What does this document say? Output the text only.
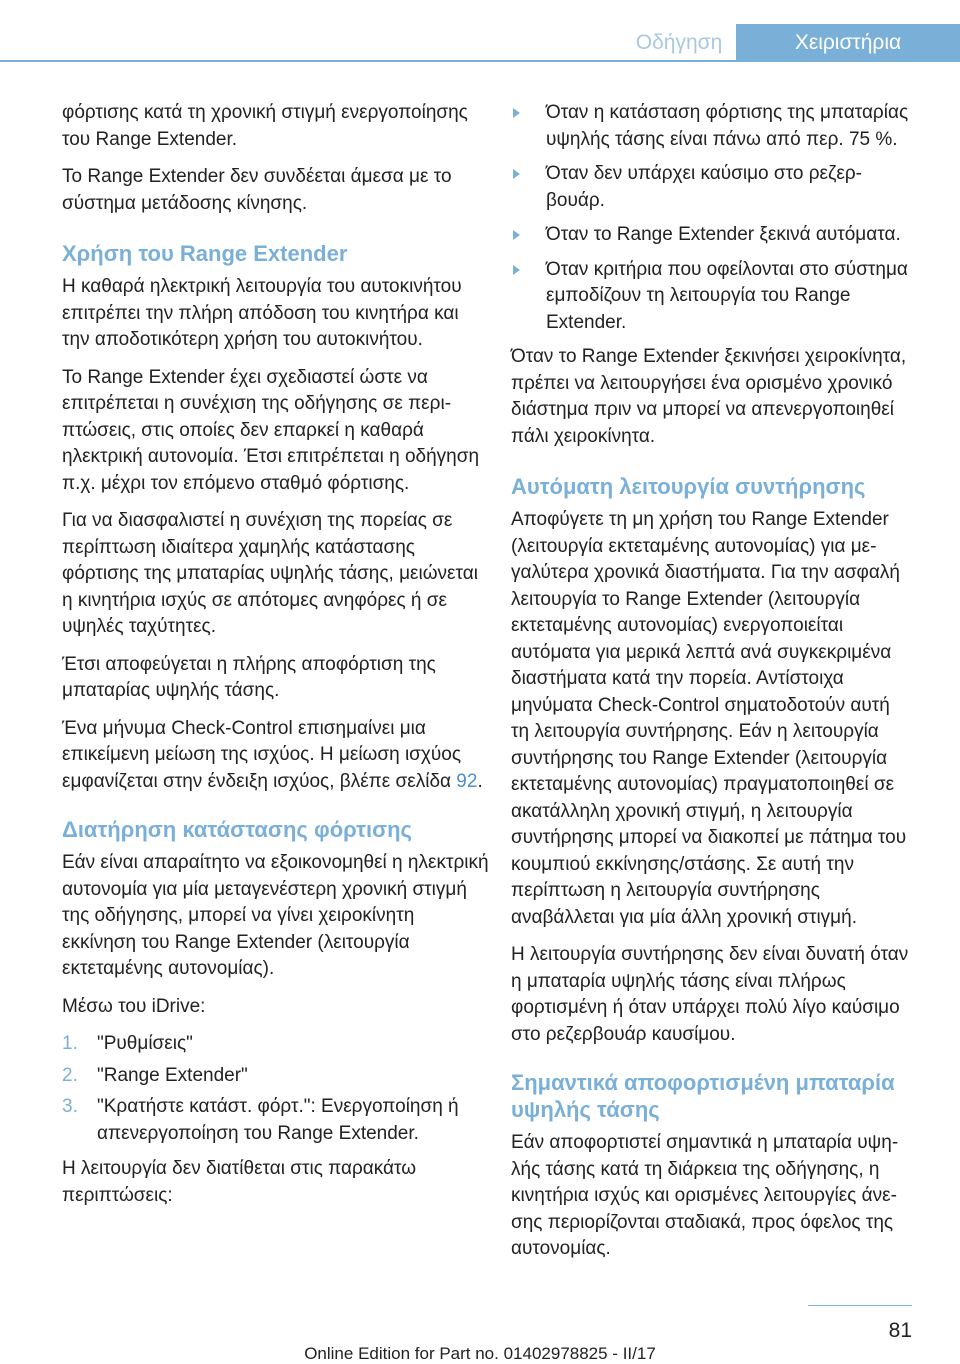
Οδήγηση	Χειριστήρια

φόρτισης κατά τη χρονική στιγμή ενεργοποίησης του Range Extender.

Το Range Extender δεν συνδέεται άμεσα με το σύστημα μετάδοσης κίνησης.

Χρήση του Range Extender

Η καθαρά ηλεκτρική λειτουργία του αυτοκινήτου επιτρέπει την πλήρη απόδοση του κινητήρα και την αποδοτικότερη χρήση του αυτοκινήτου.

Το Range Extender έχει σχεδιαστεί ώστε να επιτρέπεται η συνέχιση της οδήγησης σε περιπτώσεις, στις οποίες δεν επαρκεί η καθαρά ηλεκτρική αυτονομία. Έτσι επιτρέπεται η οδήγηση π.χ. μέχρι τον επόμενο σταθμό φόρτισης.

Για να διασφαλιστεί η συνέχιση της πορείας σε περίπτωση ιδιαίτερα χαμηλής κατάστασης φόρτισης της μπαταρίας υψηλής τάσης, μειώνεται η κινητήρια ισχύς σε απότομες ανηφόρες ή σε υψηλές ταχύτητες.

Έτσι αποφεύγεται η πλήρης αποφόρτιση της μπαταρίας υψηλής τάσης.

Ένα μήνυμα Check-Control επισημαίνει μια επικείμενη μείωση της ισχύος. Η μείωση ισχύος εμφανίζεται στην ένδειξη ισχύος, βλέπε σελίδα 92.

Διατήρηση κατάστασης φόρτισης

Εάν είναι απαραίτητο να εξοικονομηθεί η ηλεκτρική αυτονομία για μία μεταγενέστερη χρονική στιγμή της οδήγησης, μπορεί να γίνει χειροκίνητη εκκίνηση του Range Extender (λειτουργία εκτεταμένης αυτονομίας).

Μέσω του iDrive:

1. "Ρυθμίσεις"
2. "Range Extender"
3. "Κρατήστε κατάστ. φόρτ.": Ενεργοποίηση ή απενεργοποίηση του Range Extender.

Η λειτουργία δεν διατίθεται στις παρακάτω περιπτώσεις:

Όταν η κατάσταση φόρτισης της μπαταρίας υψηλής τάσης είναι πάνω από περ. 75 %.
Όταν δεν υπάρχει καύσιμο στο ρεζερβουάρ.
Όταν το Range Extender ξεκινά αυτόματα.
Όταν κριτήρια που οφείλονται στο σύστημα εμποδίζουν τη λειτουργία του Range Extender.

Όταν το Range Extender ξεκινήσει χειροκίνητα, πρέπει να λειτουργήσει ένα ορισμένο χρονικό διάστημα πριν να μπορεί να απενεργοποιηθεί πάλι χειροκίνητα.

Αυτόματη λειτουργία συντήρησης

Αποφύγετε τη μη χρήση του Range Extender (λειτουργία εκτεταμένης αυτονομίας) για μεγαλύτερα χρονικά διαστήματα. Για την ασφαλή λειτουργία το Range Extender (λειτουργία εκτεταμένης αυτονομίας) ενεργοποιείται αυτόματα για μερικά λεπτά ανά συγκεκριμένα διαστήματα κατά την πορεία. Αντίστοιχα μηνύματα Check-Control σηματοδοτούν αυτή τη λειτουργία συντήρησης. Εάν η λειτουργία συντήρησης του Range Extender (λειτουργία εκτεταμένης αυτονομίας) πραγματοποιηθεί σε ακατάλληλη χρονική στιγμή, η λειτουργία συντήρησης μπορεί να διακοπεί με πάτημα του κουμπιού εκκίνησης/στάσης. Σε αυτή την περίπτωση η λειτουργία συντήρησης αναβάλλεται για μία άλλη χρονική στιγμή.

Η λειτουργία συντήρησης δεν είναι δυνατή όταν η μπαταρία υψηλής τάσης είναι πλήρως φορτισμένη ή όταν υπάρχει πολύ λίγο καύσιμο στο ρεζερβουάρ καυσίμου.

Σημαντικά αποφορτισμένη μπαταρία υψηλής τάσης

Εάν αποφορτιστεί σημαντικά η μπαταρία υψηλής τάσης κατά τη διάρκεια της οδήγησης, η κινητήρια ισχύς και ορισμένες λειτουργίες άνεσης περιορίζονται σταδιακά, προς όφελος της αυτονομίας.

81
Online Edition for Part no. 01402978825 - II/17
